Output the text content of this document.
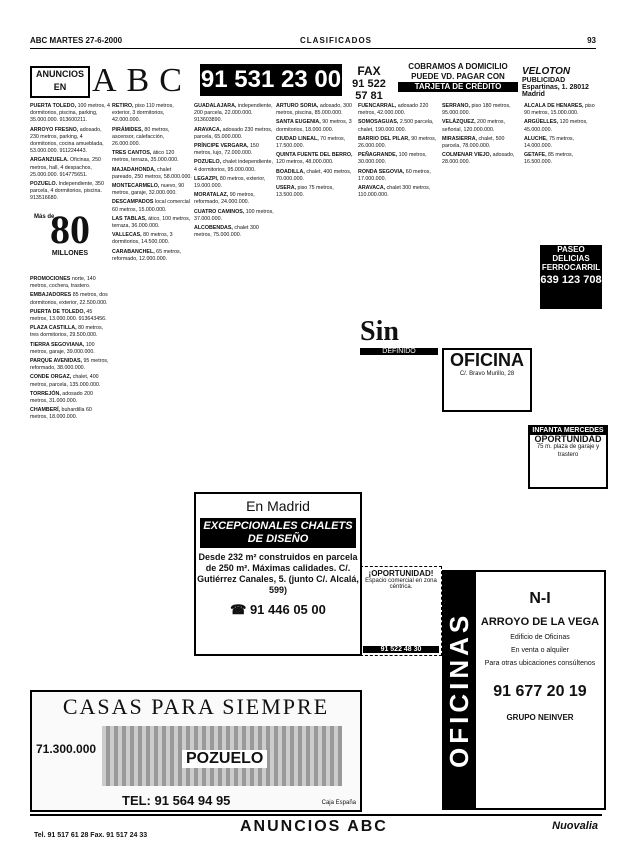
ABC MARTES 27-6-2000	CLASIFICADOS	93
ANUNCIOS EN ABC 91 531 23 00	FAX
91 522 57 81
COBRAMOS A DOMICILIO
PUEDE VD. PAGAR CON
TARJETA DE CRÉDITO
VELOTON
PUBLICIDAD
Espartinas, 1. 28012 Madrid

PUERTA TOLEDO, 100 metros, 4 dormitorios, piscina, parking, 35.000.000. 913600211.

ARROYO FRESNO, adosado, 230 metros, parking, 4 dormitorios, cocina amueblada, 53.000.000. 911224443.

ARGANZUELA. Oficinas, 250 metros, hall, 4 despachos, 25.000.000. 914775651.

POZUELO. Independiente, 350 parcela, 4 dormitorios, piscina. 913516680.

RETIRO, piso 110 metros, exterior, 3 dormitorios, 42.000.000.

PIRÁMIDES, 80 metros, ascensor, calefacción, 26.000.000.

TRES CANTOS, ático 120 metros, terraza, 35.000.000.

MAJADAHONDA, chalet pareado, 250 metros, 58.000.000.

MONTECARMELO, nuevo, 90 metros, garaje, 32.000.000.

DESCAMPADOS local comercial 60 metros, 15.000.000.

LAS TABLAS, ático, 100 metros, terraza, 36.000.000.

VALLECAS, 80 metros, 3 dormitorios, 14.500.000.

CARABANCHEL, 65 metros, reformado, 12.000.000.

GUADALAJARA, independiente, 200 parcela, 22.000.000. 913603890.

ARAVACA, adosado 230 metros, parcela, 65.000.000.

PRÍNCIPE VERGARA, 150 metros, lujo, 72.000.000.

POZUELO, chalet independiente, 4 dormitorios, 95.000.000.

LEGAZPI, 80 metros, exterior, 19.000.000.

MORATALAZ, 90 metros, reformado, 24.000.000.

CUATRO CAMINOS, 100 metros, 37.000.000.

ALCOBENDAS, chalet 300 metros, 75.000.000.

ARTURO SORIA, adosado, 300 metros, piscina, 85.000.000.

SANTA EUGENIA, 90 metros, 3 dormitorios, 18.000.000.

CIUDAD LINEAL, 70 metros, 17.500.000.

QUINTA FUENTE DEL BERRO, 120 metros, 48.000.000.

BOADILLA, chalet, 400 metros, 70.000.000.

USERA, piso 75 metros, 13.500.000.

FUENCARRAL, adosado 220 metros, 42.000.000.

SOMOSAGUAS, 2.500 parcela, chalet, 190.000.000.

BARRIO DEL PILAR, 90 metros, 26.000.000.

PEÑAGRANDE, 100 metros, 30.000.000.

RONDA SEGOVIA, 60 metros, 17.000.000.

ARAVACA, chalet 300 metros, 110.000.000.

SERRANO, piso 180 metros, 95.000.000.

VELÁZQUEZ, 200 metros, señorial, 120.000.000.

MIRASIERRA, chalet, 500 parcela, 78.000.000.

COLMENAR VIEJO, adosado, 28.000.000.

ALCALÁ DE HENARES, piso 90 metros, 15.000.000.

ARGÜELLES, 120 metros, 45.000.000.

ALUCHE, 75 metros, 14.000.000.

GETAFE, 85 metros, 16.500.000.

PROMOCIONES norte, 140 metros, cochera, trastero.

EMBAJADORES 85 metros, dos dormitorios, exterior, 22.500.000.

PUERTA DE TOLEDO, 45 metros, 13.000.000. 913643456.

PLAZA CASTILLA, 80 metros, tres dormitorios, 29.500.000.

TIERRA SEGOVIANA, 100 metros, garaje, 39.000.000.

PARQUE AVENIDAS, 95 metros, reformado, 38.000.000.

CONDE ORGAZ, chalet, 400 metros, parcela, 135.000.000.

TORREJÓN, adosado 200 metros, 31.000.000.

CHAMBERÍ, buhardilla 60 metros, 18.000.000.

Más de
80
MILLONES
En Madrid
EXCEPCIONALES CHALETS DE DISEÑO
Desde 232 m² construidos en parcela de 250 m². Máximas calidades. C/. Gutiérrez Canales, 5. (junto C/. Alcalá, 599)
☎ 91 446 05 00
CASAS PARA SIEMPRE
71.300.000
POZUELO
TEL: 91 564 94 95	Caja España
Sin
DEFINIDO	OFICINA
C/. Bravo Murillo, 28
¡OPORTUNIDAD!
Espacio comercial en zona céntrica.
91 522 48 30
PASEO DELICIAS FERROCARRIL
639 123 708
INFANTA MERCEDES
OPORTUNIDAD
75 m. plaza de garaje y trastero
OFICINAS
N-I
ARROYO DE LA VEGA
Edificio de Oficinas
En venta o alquiler
Para otras ubicaciones consúltenos
91 677 20 19
GRUPO NEINVER
ANUNCIOS ABC
Tel. 91 517 61 28 Fax. 91 517 24 33
Nuovalia
